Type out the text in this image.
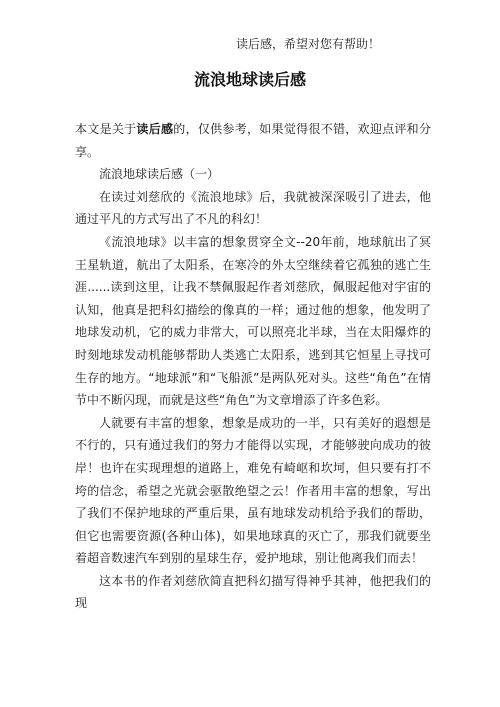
读后感，希望对您有帮助！
流浪地球读后感

本文是关于读后感的，仅供参考，如果觉得很不错，欢迎点评和分享。

流浪地球读后感（一）

在读过刘慈欣的《流浪地球》后，我就被深深吸引了进去，他通过平凡的方式写出了不凡的科幻！

《流浪地球》以丰富的想象贯穿全文--20年前，地球航出了冥王星轨道，航出了太阳系，在寒冷的外太空继续着它孤独的逃亡生涯......读到这里，让我不禁佩服起作者刘慈欣，佩服起他对宇宙的认知，他真是把科幻描绘的像真的一样；通过他的想象，他发明了地球发动机，它的威力非常大，可以照亮北半球，当在太阳爆炸的时刻地球发动机能够帮助人类逃亡太阳系，逃到其它恒星上寻找可生存的地方。“地球派”和“飞船派”是两队死对头。这些“角色”在情节中不断闪现，而就是这些“角色”为文章增添了许多色彩。

人就要有丰富的想象，想象是成功的一半，只有美好的遐想是不行的，只有通过我们的努力才能得以实现，才能够驶向成功的彼岸！也许在实现理想的道路上，难免有崎岖和坎坷，但只要有打不垮的信念，希望之光就会驱散绝望之云！作者用丰富的想象，写出了我们不保护地球的严重后果，虽有地球发动机给予我们的帮助，但它也需要资源(各种山体)，如果地球真的灭亡了，那我们就要坐着超音数速汽车到别的星球生存，爱护地球，别让他离我们而去！

这本书的作者刘慈欣简直把科幻描写得神乎其神，他把我们的现
